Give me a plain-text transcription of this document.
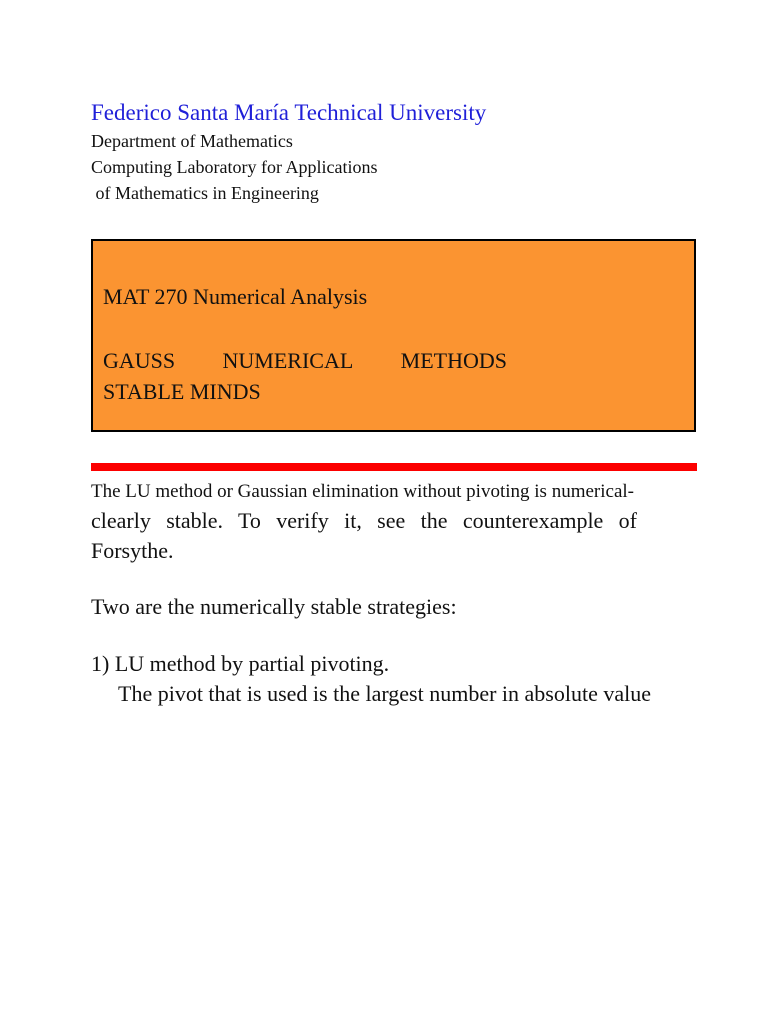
Federico Santa María Technical University

Department of Mathematics

Computing Laboratory for Applications

of Mathematics in Engineering

MAT 270 Numerical Analysis
GAUSS NUMERICAL METHODS
STABLE MINDS

The LU method or Gaussian elimination without pivoting is numerical-

clearly stable. To verify it, see the counterexample of Forsythe.

Two are the numerically stable strategies:

1) LU method by partial pivoting.

The pivot that is used is the largest number in absolute value
